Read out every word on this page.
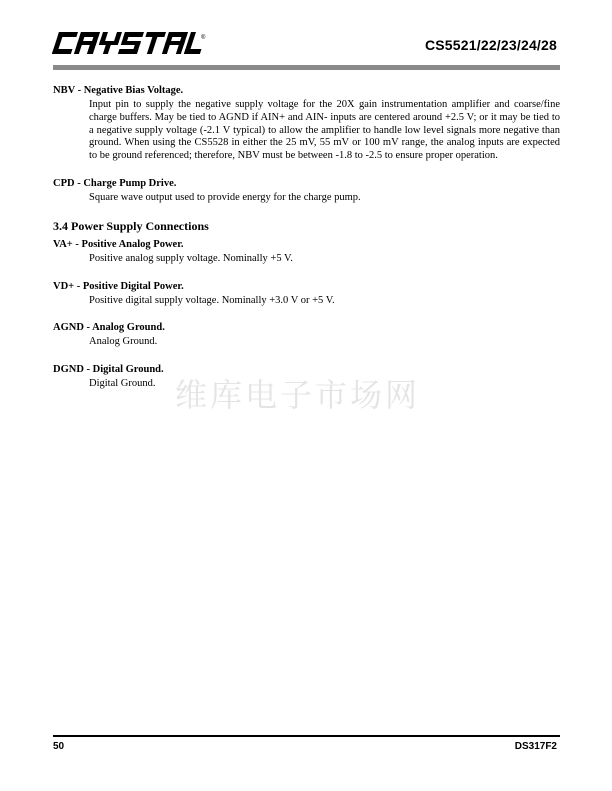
®	CS5521/22/23/24/28

NBV - Negative Bias Voltage.

Input pin to supply the negative supply voltage for the 20X gain instrumentation amplifier and coarse/fine charge buffers. May be tied to AGND if AIN+ and AIN- inputs are centered around +2.5 V; or it may be tied to a negative supply voltage (-2.1 V typical) to allow the amplifier to handle low level signals more negative than ground. When using the CS5528 in either the 25 mV, 55 mV or 100 mV range, the analog inputs are expected to be ground referenced; therefore, NBV must be between -1.8 to -2.5 to ensure proper operation.

CPD - Charge Pump Drive.

Square wave output used to provide energy for the charge pump.

3.4 Power Supply Connections

VA+ - Positive Analog Power.

Positive analog supply voltage. Nominally +5 V.

VD+ - Positive Digital Power.

Positive digital supply voltage. Nominally +3.0 V or +5 V.

AGND - Analog Ground.

Analog Ground.

DGND - Digital Ground.

Digital Ground. 维库电子市场网
50	DS317F2
